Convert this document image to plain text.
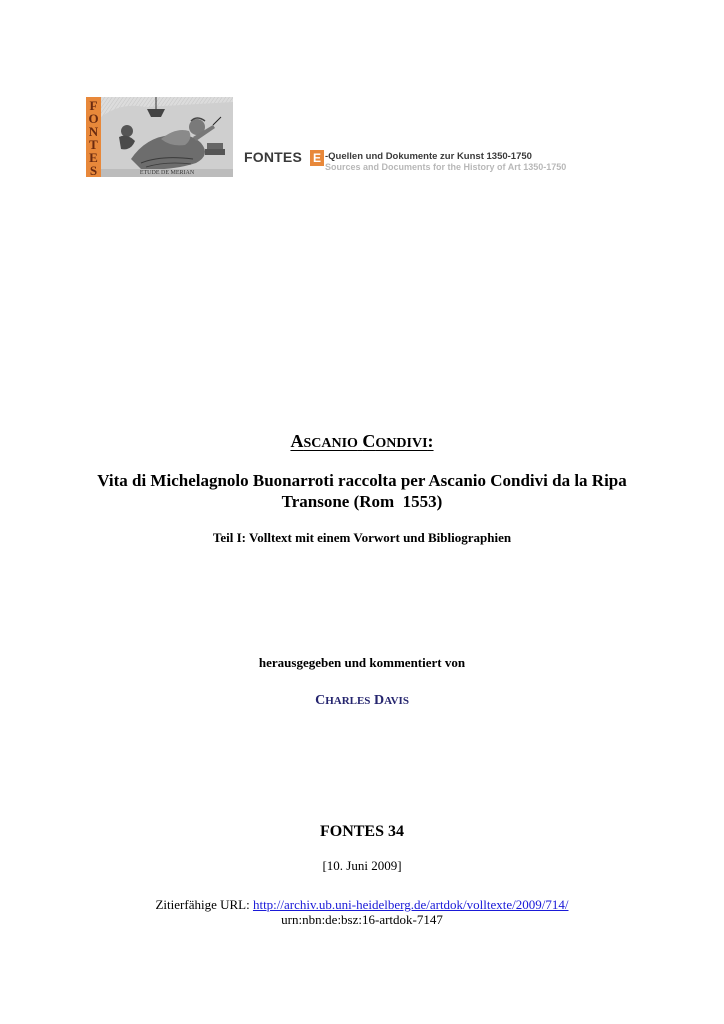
F
O
N
T
E
S	ETUDE DE MERIAN
FONTES E -Quellen und Dokumente zur Kunst 1350-1750
Sources and Documents for the History of Art 1350-1750
ASCANIO CONDIVI:
Vita di Michelagnolo Buonarroti raccolta per Ascanio Condivi da la Ripa
Transone (Rom  1553)
Teil I: Volltext mit einem Vorwort und Bibliographien
herausgegeben und kommentiert von
CHARLES DAVIS
FONTES 34
[10. Juni 2009]
Zitierfähige URL: http://archiv.ub.uni-heidelberg.de/artdok/volltexte/2009/714/
urn:nbn:de:bsz:16-artdok-7147
